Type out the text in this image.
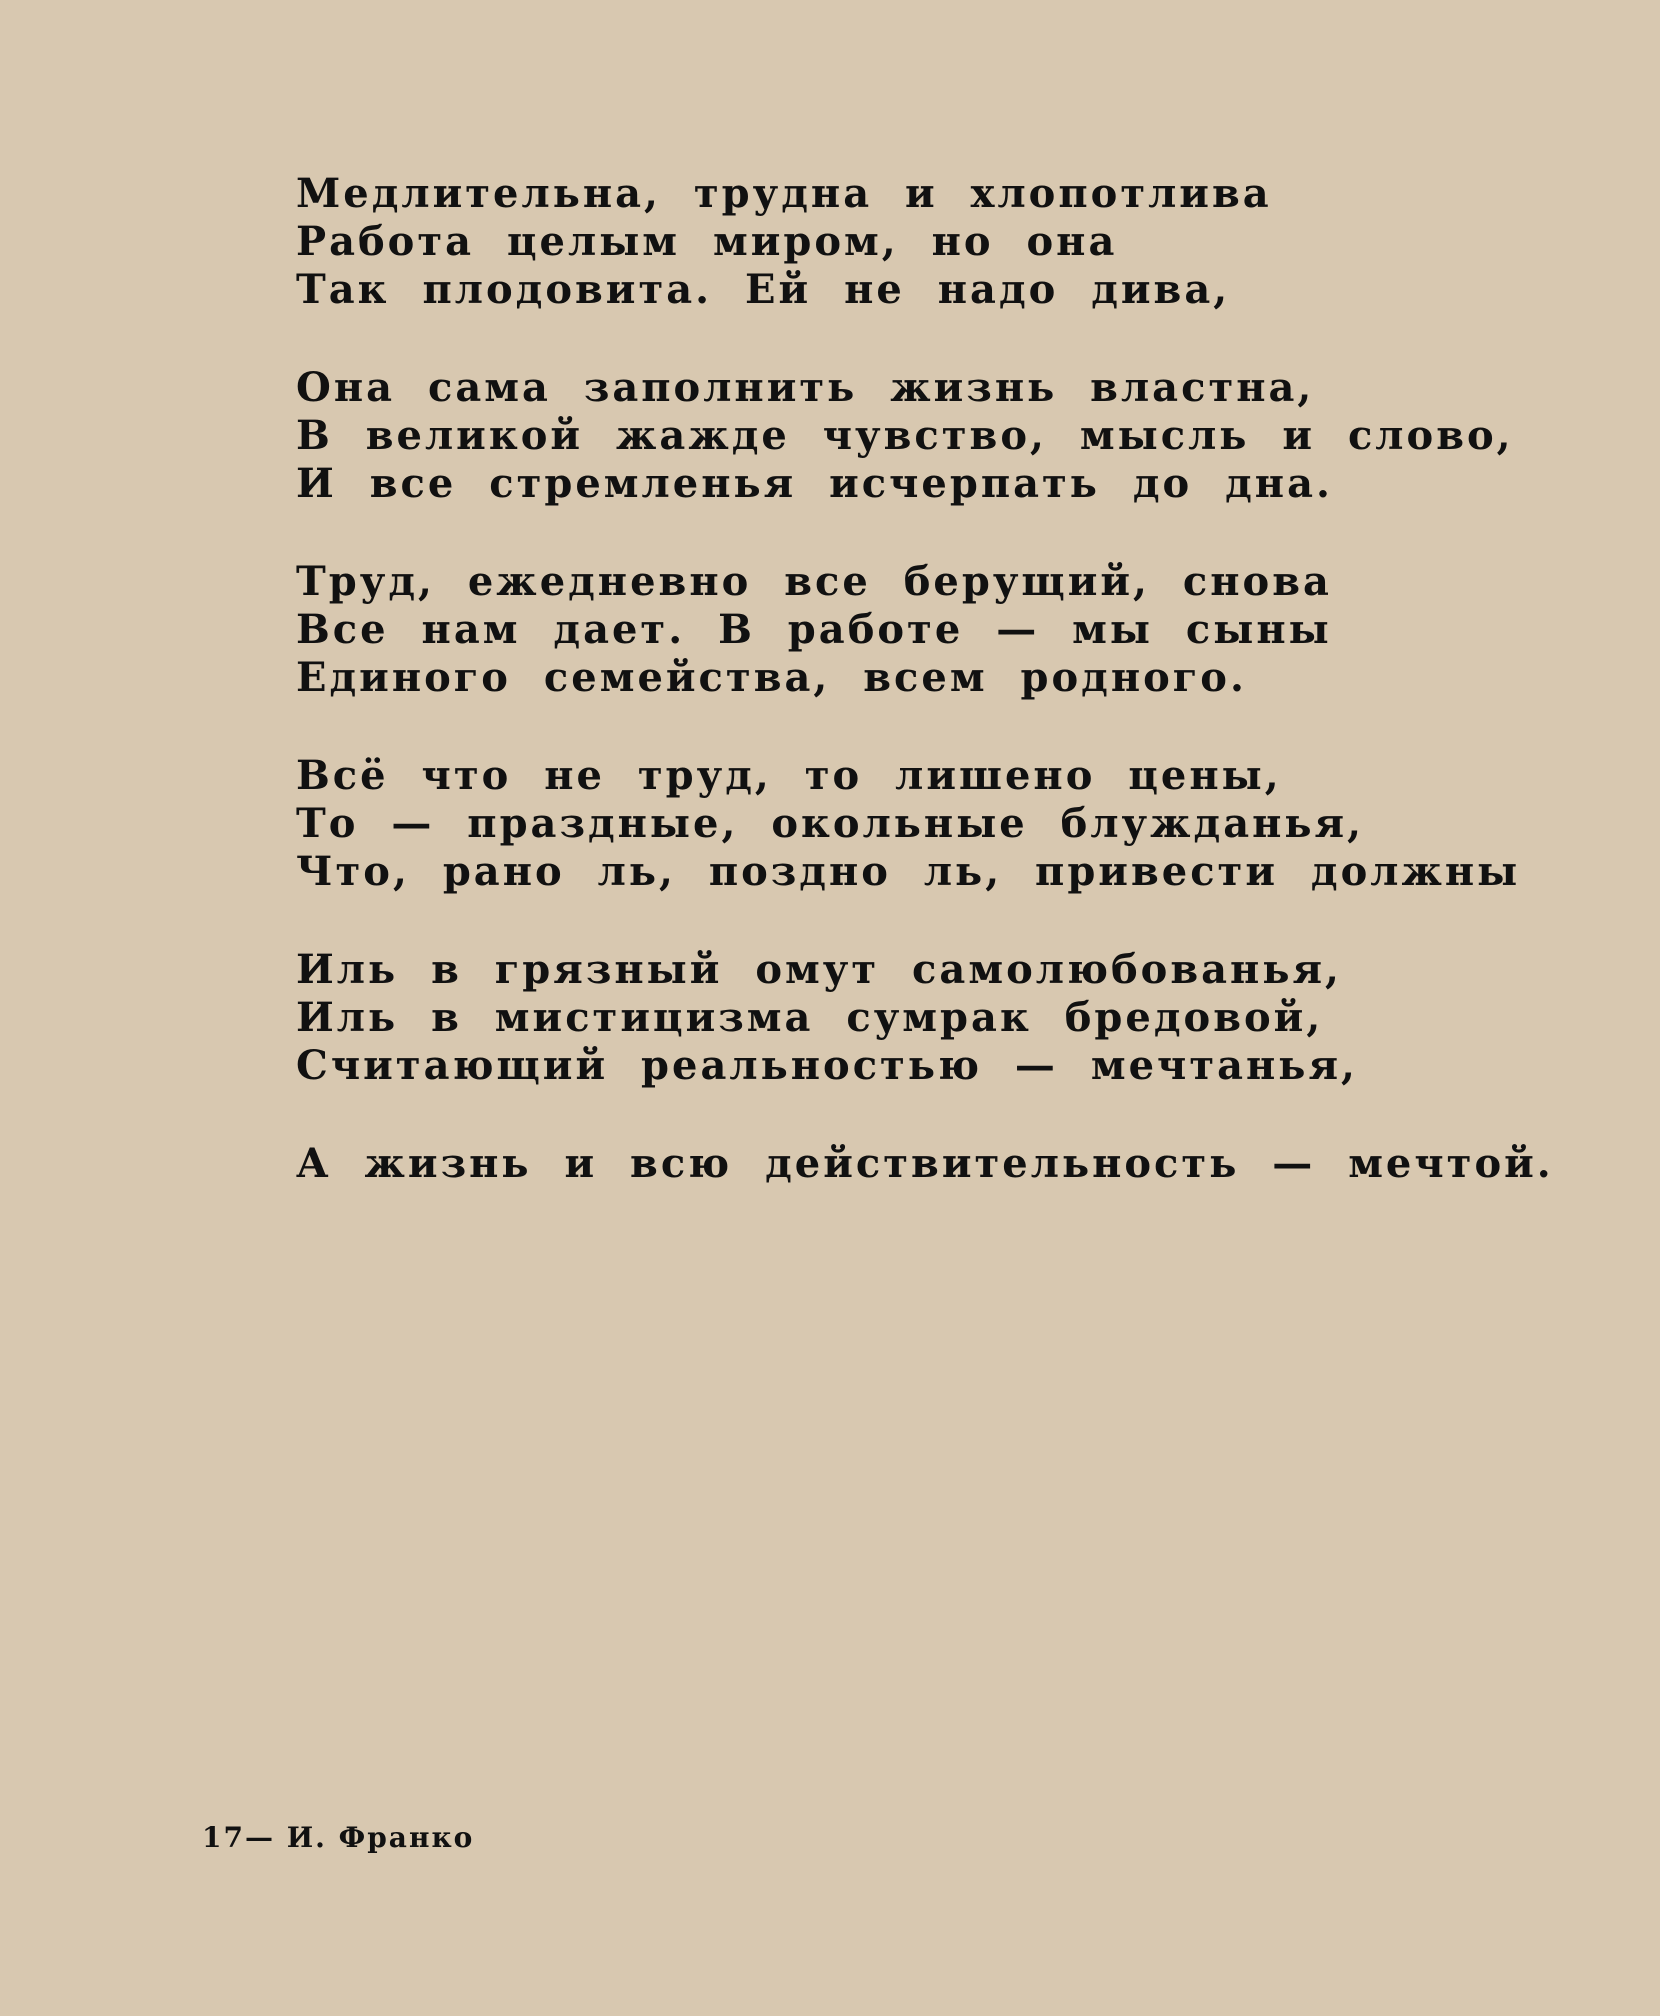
Медлительна, трудна и хлопотлива
Работа целым миром, но она
Так плодовита. Ей не надо дива,
Она сама заполнить жизнь властна,
В великой жажде чувство, мысль и слово,
И все стремленья исчерпать до дна.
Труд, ежедневно все берущий, снова
Все нам дает. В работе — мы сыны
Единого семейства, всем родного.
Всё что не труд, то лишено цены,
То — праздные, окольные блужданья,
Что, рано ль, поздно ль, привести должны
Иль в грязный омут самолюбованья,
Иль в мистицизма сумрак бредовой,
Считающий реальностью — мечтанья,
А жизнь и всю действительность — мечтой.
17— И. Франко
